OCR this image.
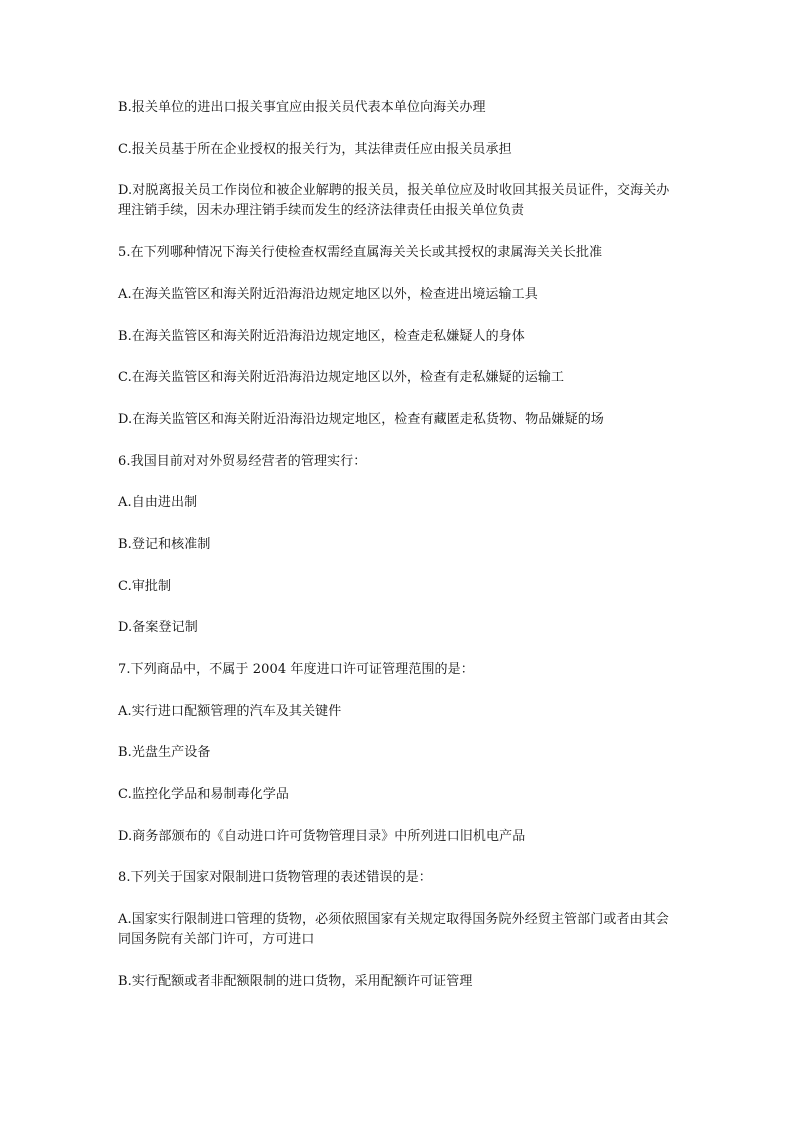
B.报关单位的进出口报关事宜应由报关员代表本单位向海关办理
C.报关员基于所在企业授权的报关行为，其法律责任应由报关员承担
D.对脱离报关员工作岗位和被企业解聘的报关员，报关单位应及时收回其报关员证件，交海关办理注销手续，因未办理注销手续而发生的经济法律责任由报关单位负责
5.在下列哪种情况下海关行使检查权需经直属海关关长或其授权的隶属海关关长批准
A.在海关监管区和海关附近沿海沿边规定地区以外，检查进出境运输工具
B.在海关监管区和海关附近沿海沿边规定地区，检查走私嫌疑人的身体
C.在海关监管区和海关附近沿海沿边规定地区以外，检查有走私嫌疑的运输工
D.在海关监管区和海关附近沿海沿边规定地区，检查有藏匿走私货物、物品嫌疑的场
6.我国目前对对外贸易经营者的管理实行：
A.自由进出制
B.登记和核准制
C.审批制
D.备案登记制
7.下列商品中，不属于 2004 年度进口许可证管理范围的是：
A.实行进口配额管理的汽车及其关键件
B.光盘生产设备
C.监控化学品和易制毒化学品
D.商务部颁布的《自动进口许可货物管理目录》中所列进口旧机电产品
8.下列关于国家对限制进口货物管理的表述错误的是：
A.国家实行限制进口管理的货物，必须依照国家有关规定取得国务院外经贸主管部门或者由其会同国务院有关部门许可，方可进口
B.实行配额或者非配额限制的进口货物，采用配额许可证管理
